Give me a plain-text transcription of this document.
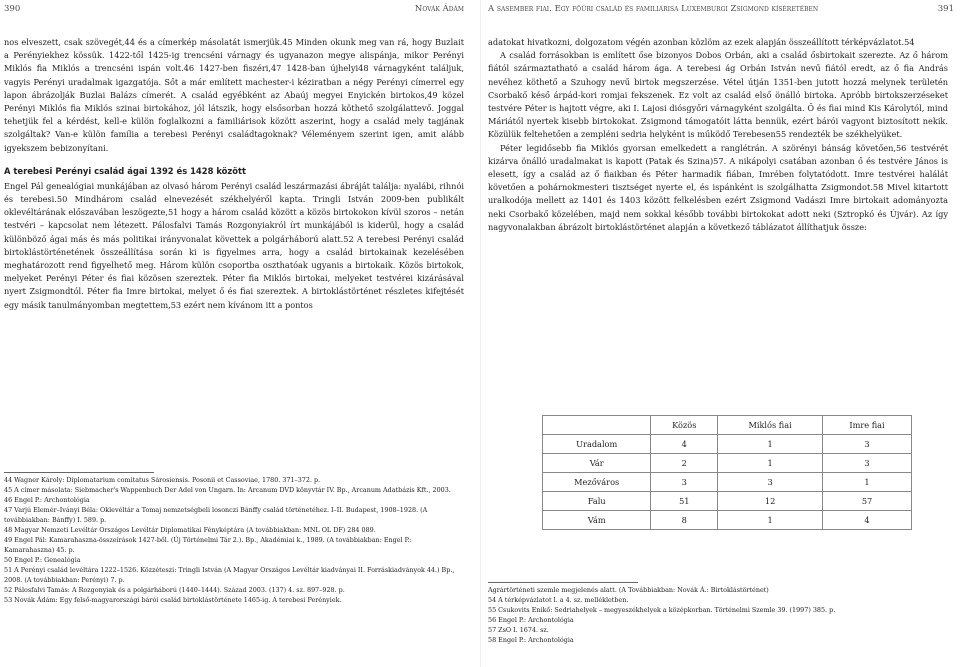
390	Novák Ádám

nos elveszett, csak szövegét,44 és a címerkép másolatát ismerjük.45 Minden okunk meg van rá, hogy Buzlait a Perényiekhez kössük. 1422-től 1425-ig trencséni várnagy és ugyanazon megye alispánja, mikor Perényi Miklós fia Miklós a trencséni ispán volt.46 1427-ben fiszéri,47 1428-ban újhelyi48 várnagyként találjuk, vagyis Perényi uradalmak igazgatója. Sőt a már említett machester-i kéziratban a négy Perényi címerrel egy lapon ábrázolják Buzlai Balázs címerét. A család egyébként az Abaúj megyei Enyickén birtokos,49 közel Perényi Miklós fia Miklós szinai birtokához, jól látszik, hogy elsősorban hozzá köthető szolgálattevő. Joggal tehetjük fel a kérdést, kell-e külön foglalkozni a familiárisok között aszerint, hogy a család mely tagjának szolgáltak? Van-e külön família a terebesi Perényi családtagoknak? Véleményem szerint igen, amit alább igyekszem bebizonyítani.

A terebesi Perényi család ágai 1392 és 1428 között

Engel Pál genealógiai munkájában az olvasó három Perényi család leszármazási ábráját találja: nyalábi, rihnói és terebesi.50 Mindhárom család elnevezését székhelyéről kapta. Tringli István 2009-ben publikált oklevéltárának előszavában leszögezte,51 hogy a három család között a közös birtokokon kívül szoros – netán testvéri – kapcsolat nem létezett. Pálosfalvi Tamás Rozgonyiakról írt munkájából is kiderül, hogy a család különböző ágai más és más politikai irányvonalat követtek a polgárháború alatt.52 A terebesi Perényi család birtoklástörténetének összeállítása során ki is figyelmes arra, hogy a család birtokainak kezelésében meghatározott rend figyelhető meg. Három külön csoportba oszthatóak ugyanis a birtokaik. Közös birtokok, melyeket Perényi Péter és fiai közösen szereztek. Péter fia Miklós birtokai, melyeket testvérei kizárásával nyert Zsigmondtól. Péter fia Imre birtokai, melyet ő és fiai szereztek. A birtoklástörténet részletes kifejtését egy másik tanulmányomban megtettem,53 ezért nem kívánom itt a pontos

44 Wagner Károly: Diplomatarium comitatus Sárosiensis. Posonii et Cassoviae, 1780. 371–372. p.

45 A címer másolata: Siebmacher's Wappenbuch Der Adel von Ungarn. In: Arcanum DVD könyvtár IV. Bp., Arcanum Adatbázis Kft., 2003.

46 Engel P.: Archontológia

47 Varjú Elemér–Iványi Béla: Oklevéltár a Tomaj nemzetségbeli losonczi Bánffy család történetéhez. I–II. Budapest, 1908–1928. (A továbbiakban: Bánffy) I. 589. p.

48 Magyar Nemzeti Levéltár Országos Levéltár Diplomatikai Fényképtára (A továbbiakban: MNL OL DF) 284 089.

49 Engel Pál: Kamarahaszna-összeírások 1427-ből. (Új Történelmi Tár 2.). Bp., Akadémiai k., 1989. (A továbbiakban: Engel P.: Kamarahaszna) 45. p.

50 Engel P.: Genealógia

51 A Perényi család levéltára 1222–1526. Közzéteszi: Tringli István (A Magyar Országos Levéltár kiadványai II. Forráskiadványok 44.) Bp., 2008. (A továbbiakban: Perényi) 7. p.

52 Pálosfalvi Tamás: A Rozgonyiak és a polgárháború (1440–1444). Század 2003. (137) 4. sz. 897–928. p.

53 Novák Ádám: Egy felső-magyarországi bárói család birtoklástörténete 1465-ig. A terebesi Perényiek.

A sasember fiai. Egy főúri család és familiárisa Luxemburgi Zsigmond kíséretében	391

adatokat hivatkozni, dolgozatom végén azonban közlöm az ezek alapján összeállított térképvázlatot.54

A család forrásokban is említett őse bizonyos Dobos Orbán, aki a család ősbirtokait szerezte. Az ő három fiától származtatható a család három ága. A terebesi ág Orbán István nevű fiától eredt, az ő fia András nevéhez köthető a Szuhogy nevű birtok megszerzése. Vétel útján 1351-ben jutott hozzá melynek területén Csorbakő késő árpád-kori romjai fekszenek. Ez volt az család első önálló birtoka. Apróbb birtokszerzéseket testvére Péter is hajtott végre, aki I. Lajosi diósgyőri várnagyként szolgálta. Ő és fiai mind Kis Károlytól, mind Máriától nyertek kisebb birtokokat. Zsigmond támogatóit látta bennük, ezért bárói vagyont biztosított nekik. Közülük feltehetően a zempléni sedria helyként is működő Terebesen55 rendezték be székhelyüket.

Péter legidősebb fia Miklós gyorsan emelkedett a ranglétrán. A szörényi bánság követően,56 testvérét kizárva önálló uradalmakat is kapott (Patak és Szina)57. A nikápolyi csatában azonban ő és testvére János is elesett, így a család az ő fiaikban és Péter harmadik fiában, Imrében folytatódott. Imre testvérei halálát követően a pohárnokmesteri tisztséget nyerte el, és ispánként is szolgálhatta Zsigmondot.58 Mivel kitartott uralkodója mellett az 1401 és 1403 között felkelésben ezért Zsigmond Vadászi Imre birtokait adományozta neki Csorbakő közelében, majd nem sokkal később további birtokokat adott neki (Sztropkó és Újvár). Az így nagyvonalakban ábrázolt birtoklástörténet alapján a következő táblázatot állíthatjuk össze:

	Közös	Miklós fiai	Imre fiai
Uradalom	4	1	3
Vár	2	1	3
Mezőváros	3	3	1
Falu	51	12	57
Vám	8	1	4

Agrártörténeti szemle megjelenés alatt. (A Továbbiakban: Novák Á.: Birtoklástörténet)

54 A térképvázlatot l. a 4. sz. mellékletben.

55 Csukovits Enikő: Sedriahelyek – megyeszékhelyek a középkorban. Történelmi Szemle 39. (1997) 385. p.

56 Engel P.: Archontológia

57 ZsO I. 1674. sz.

58 Engel P.: Archontológia
